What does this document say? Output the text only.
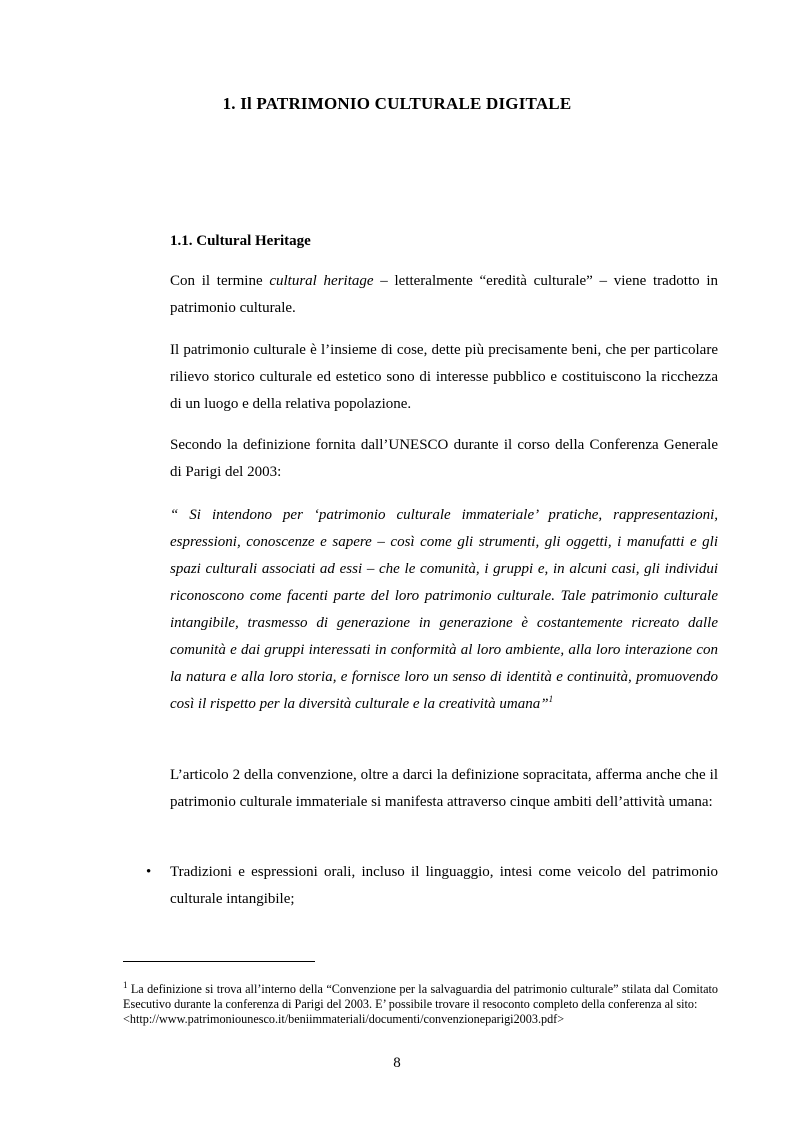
1. Il PATRIMONIO CULTURALE DIGITALE
1.1. Cultural Heritage

Con il termine cultural heritage – letteralmente “eredità culturale” – viene tradotto in patrimonio culturale.

Il patrimonio culturale è l’insieme di cose, dette più precisamente beni, che per particolare rilievo storico culturale ed estetico sono di interesse pubblico e costituiscono la ricchezza di un luogo e della relativa popolazione.

Secondo la definizione fornita dall’UNESCO durante il corso della Conferenza Generale di Parigi del 2003:

“ Si intendono per ‘patrimonio culturale immateriale’ pratiche, rappresentazioni, espressioni, conoscenze e sapere – così come gli strumenti, gli oggetti, i manufatti e gli spazi culturali associati ad essi – che le comunità, i gruppi e, in alcuni casi, gli individui riconoscono come facenti parte del loro patrimonio culturale. Tale patrimonio culturale intangibile, trasmesso di generazione in generazione è costantemente ricreato dalle comunità e dai gruppi interessati in conformità al loro ambiente, alla loro interazione con la natura e alla loro storia, e fornisce loro un senso di identità e continuità, promuovendo così il rispetto per la diversità culturale e la creatività umana”$^1$

L’articolo 2 della convenzione, oltre a darci la definizione sopracitata, afferma anche che il patrimonio culturale immateriale si manifesta attraverso cinque ambiti dell’attività umana:

• Tradizioni e espressioni orali, incluso il linguaggio, intesi come veicolo del patrimonio culturale intangibile;

$^1$ La definizione si trova all’interno della “Convenzione per la salvaguardia del patrimonio culturale” stilata dal Comitato Esecutivo durante la conferenza di Parigi del 2003. E’ possibile trovare il resoconto completo della conferenza al sito:
<http://www.patrimoniounesco.it/beniimmateriali/documenti/convenzioneparigi2003.pdf>

8
